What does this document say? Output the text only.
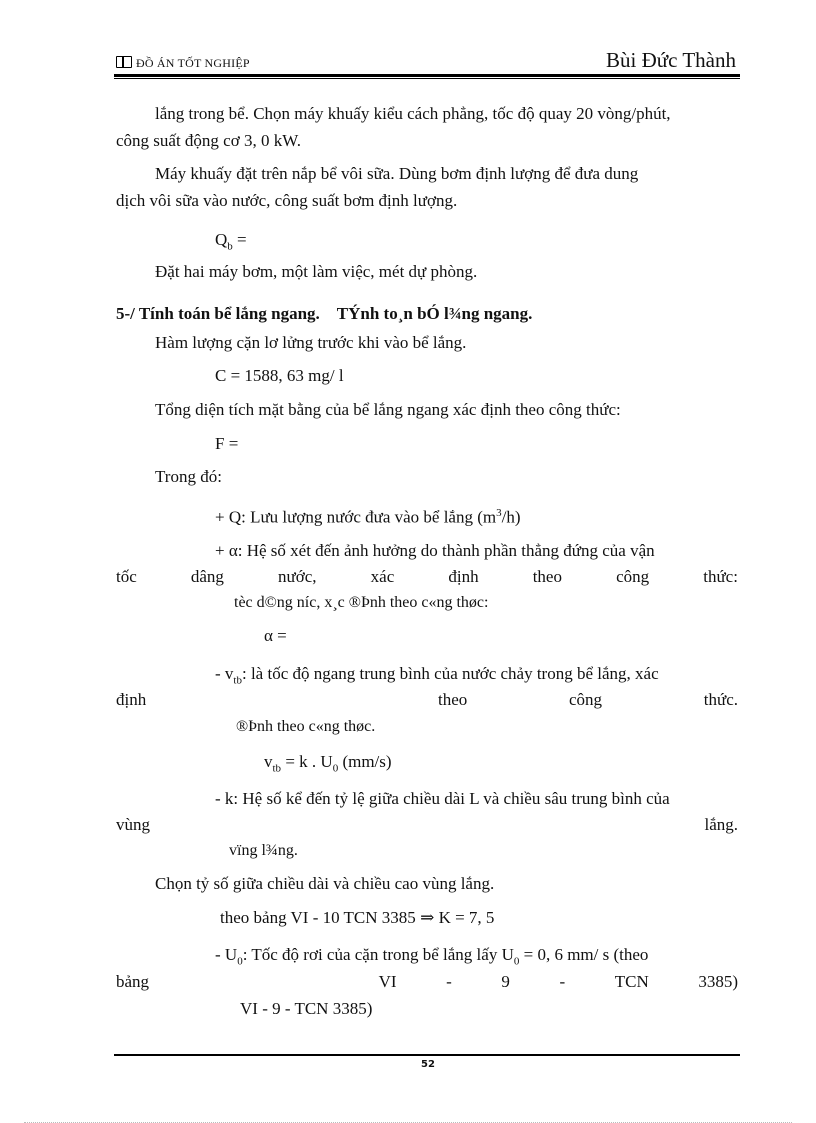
ĐỒ ÁN TỐT NGHIỆP	Bùi Đức Thành
lắng trong bể. Chọn máy khuấy kiểu cách phẳng, tốc độ quay 20 vòng/phút,
công suất động cơ 3, 0 kW.
Máy khuấy đặt trên nắp bể vôi sữa. Dùng bơm định lượng để đưa dung
dịch vôi sữa vào nước, công suất bơm định lượng.
$Q_b$ =
Đặt hai máy bơm, một làm việc, mét dự phòng.
5-/ Tính toán bể lắng ngang. TÝnh to¸n bÓ l¾ng ngang.
Hàm lượng cặn lơ lửng trước khi vào bể lắng.
C = 1588, 63 mg/ l
Tổng diện tích mặt bằng của bể lắng ngang xác định theo công thức:
F =
Trong đó:
+ Q: Lưu lượng nước đưa vào bể lắng $(m^3/h)$
+ α: Hệ số xét đến ảnh hưởng do thành phần thẳng đứng của vận
tốc	dâng	nước,	xác	định	theo	công	thức:
tèc d©ng níc, x¸c ®Þnh theo c«ng thøc:
α =
- $v_{tb}$: là tốc độ ngang trung bình của nước chảy trong bể lắng, xác
định	theo	công	thức.
®Þnh theo c«ng thøc.
$v_{tb} = k$ . $U_0$ (mm/s)
- k: Hệ số kể đến tỷ lệ giữa chiều dài L và chiều sâu trung bình của
vùng	lắng.
vïng l¾ng.
Chọn tỷ số giữa chiều dài và chiều cao vùng lắng.
theo bảng VI - 10 TCN 3385 ⇒ K = 7, 5
- $U_0$: Tốc độ rơi của cặn trong bể lắng lấy $U_0 = 0$, 6 mm/ s (theo
bảng	VI	-	9	-	TCN	3385)
VI - 9 - TCN 3385)
52
